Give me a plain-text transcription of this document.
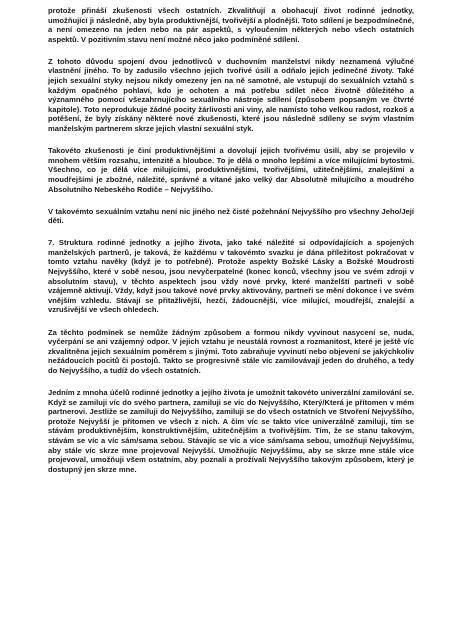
protože přináší zkušenosti všech ostatních. Zkvalitňují a obohacují život rodinné jednotky, umožňující ji následně, aby byla produktivnější, tvořivější a plodnější. Toto sdílení je bezpodmínečné, a není omezeno na jeden nebo na pár aspektů, s vyloučením některých nebo všech ostatních aspektů. V pozitivním stavu není možné něco jako podmíněné sdílení.

Z tohoto důvodu spojení dvou jednotlivců v duchovním manželství nikdy neznamená výlučné vlastnění jiného. To by zadusilo všechno jejich tvořivé úsilí a odňalo jejich jedinečné životy. Také jejich sexuální styky nejsou nikdy omezeny jen na ně samotné, ale vstupují do sexuálních vztahů s každým opačného pohlaví, kdo je ochoten a má potřebu sdílet něco životně důležitého a významného pomocí všezahrnujícího sexuálního nástroje sdílení (způsobem popsaným ve čtvrté kapitole). Toto neprodukuje žádné pocity žárlivosti ani viny, ale namísto toho velkou radost, rozkoš a potěšení, že byly získány některé nové zkušenosti, které jsou následně sdíleny se svým vlastním manželským partnerem skrze jejich vlastní sexuální styk.

Takovéto zkušenosti je činí produktivnějšími a dovolují jejich tvořivému úsilí, aby se projevilo v mnohem větším rozsahu, intenzitě a hloubce. To je dělá o mnoho lepšími a více milujícími bytostmi. Všechno, co je dělá více milujícími, produktivnějšími, tvořivějšími, užitečnějšími, znalejšími a moudřejšími je zbožné, náležité, správné a vítané jako velký dar Absolutně milujícího a moudrého Absolutního Nebeského Rodiče – Nejvyššího.

V takovémto sexuálním vztahu není nic jiného než čisté požehnání Nejvyššího pro všechny Jeho/Její děti.

7. Struktura rodinné jednotky a jejího života, jako také náležité si odpovídajících a spojených manželských partnerů, je taková, že každému v takovémto svazku je dána příležitost pokračovat v tomto vztahu navěky (když je to potřebné). Protože aspekty Božské Lásky a Božské Moudrosti Nejvyššího, které v sobě nesou, jsou nevyčerpatelné (konec konců, všechny jsou ve svém zdroji v absolutním stavu), v těchto aspektech jsou vždy nové prvky, které manželští partneři v sobě vzájemně aktivují. Vždy, když jsou takové nové prvky aktivovány, partneři se mění dokonce i ve svém vnějším vzhledu. Stávají se přitažlivější, hezčí, žádoucnější, více milující, moudřejší, znalejší a vzrušivější ve všech ohledech.

Za těchto podmínek se nemůže žádným způsobem a formou nikdy vyvinout nasycení se, nuda, vyčerpání se ani vzájemný odpor. V jejich vztahu je neustálá rovnost a rozmanitost, které je ještě víc zkvalitněna jejich sexuálním poměrem s jinými. Toto zabraňuje vyvinutí nebo objevení se jakýchkoliv nežádoucích pocitů či postojů. Takto se progresivně stále víc zamilovávají jeden do druhého, a tedy do Nejvyššího, a tudíž do všech ostatních.

Jedním z mnoha účelů rodinné jednotky a jejího života je umožnit takovéto univerzální zamilování se. Když se zamiluji víc do svého partnera, zamiluji se víc do Nejvyššího, Který/Která je přítomen v mém partnerovi. Jestliže se zamiluji do Nejvyššího, zamiluji se do všech ostatních ve Stvoření Nejvyššího, protože Nejvyšší je přítomen ve všech z nich. A čím víc se takto více univerzálně zamiluji, tím se stávám produktivnějším, konstruktivnějším, užitečnějším a tvořivějším. Tím, že se stanu takovým, stávám se víc a víc sám/sama sebou. Stávajíc se víc a více sám/sama sebou, umožňuji Nejvyššímu, aby stále víc skrze mne projevoval Nejvyšší. Umožňujíc Nejvyššímu, aby se skrze mne stále více projevoval, umožňuji všem ostatním, aby poznali a prožívali Nejvyššího takovým způsobem, který je dostupný jen skrze mne.
